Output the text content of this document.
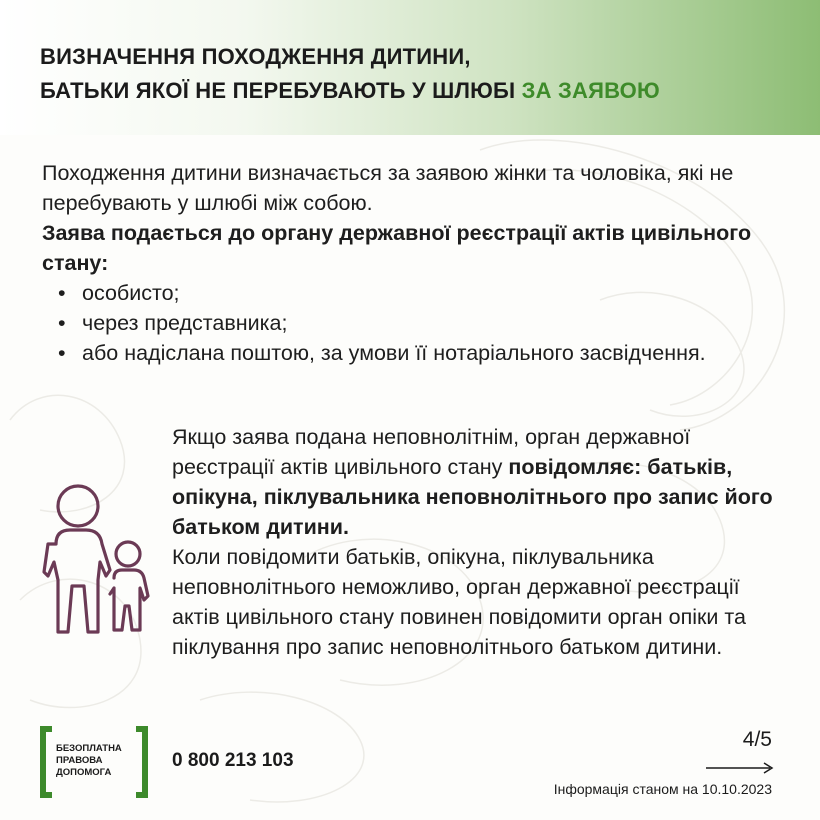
ВИЗНАЧЕННЯ ПОХОДЖЕННЯ ДИТИНИ,
БАТЬКИ ЯКОЇ НЕ ПЕРЕБУВАЮТЬ У ШЛЮБІ ЗА ЗАЯВОЮ

Походження дитини визначається за заявою жінки та чоловіка, які не перебувають у шлюбі між собою.

Заява подається до органу державної реєстрації актів цивільного стану:

• особисто;
• через представника;
• або надіслана поштою, за умови її нотаріального засвідчення.

Якщо заява подана неповнолітнім, орган державної реєстрації актів цивільного стану повідомляє: батьків, опікуна, піклувальника неповнолітнього про запис його батьком дитини.

Коли повідомити батьків, опікуна, піклувальника неповнолітнього неможливо, орган державної реєстрації актів цивільного стану повинен повідомити орган опіки та піклування про запис неповнолітнього батьком дитини.

БЕЗОПЛАТНА
ПРАВОВА
ДОПОМОГА
0 800 213 103
4/5
Інформація станом на 10.10.2023
